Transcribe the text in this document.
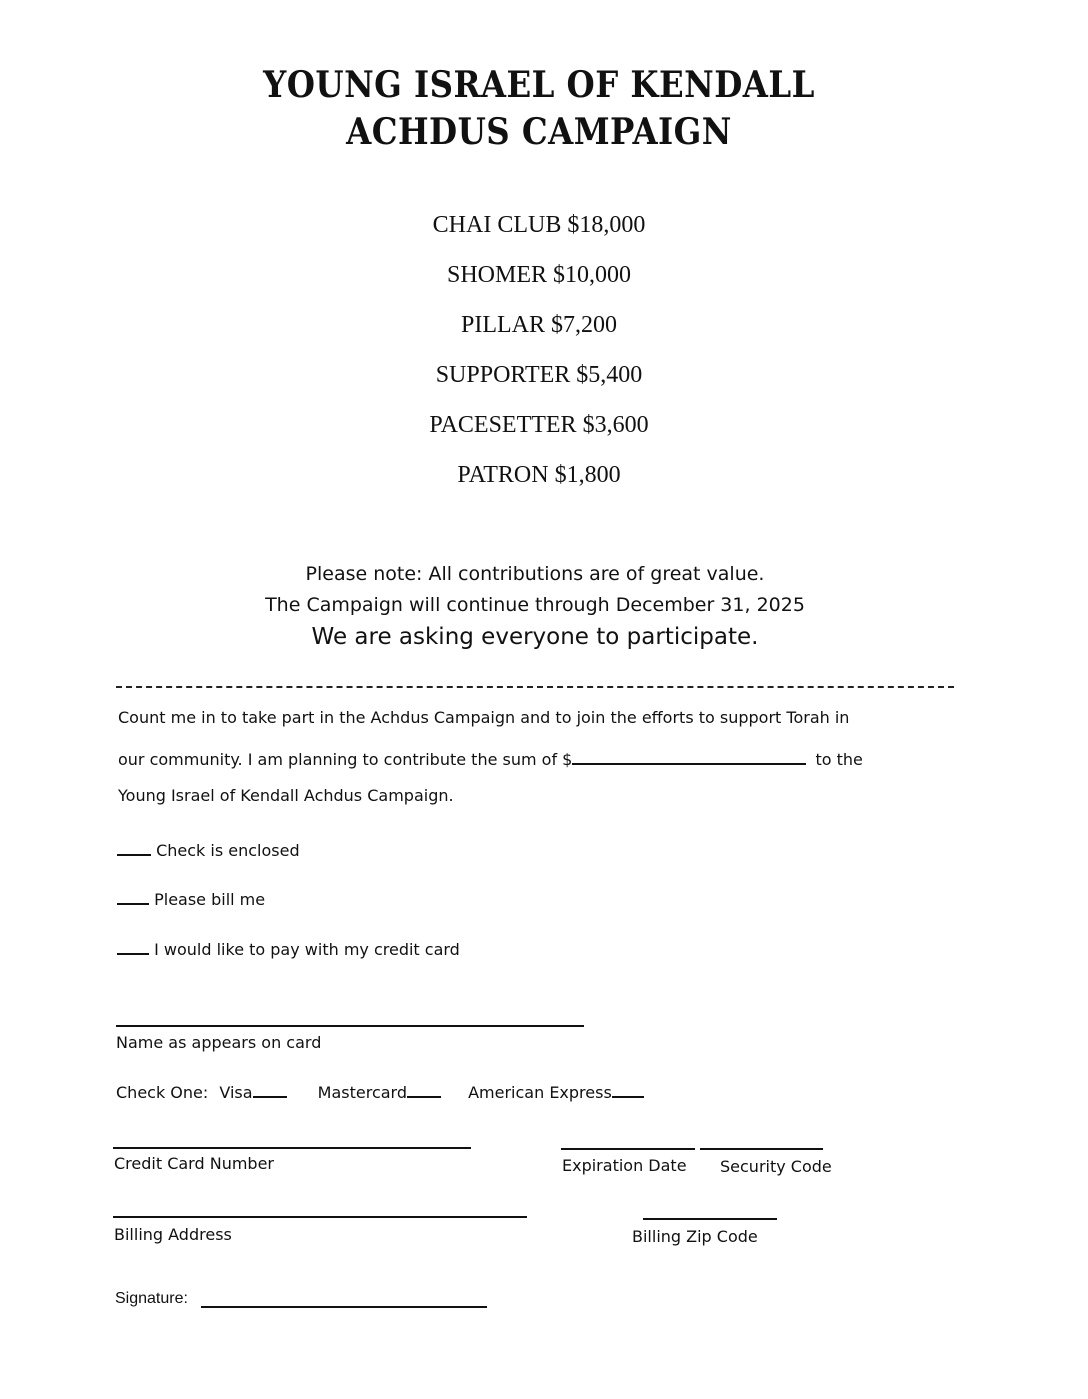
YOUNG ISRAEL OF KENDALL
ACHDUS CAMPAIGN
CHAI CLUB $18,000
SHOMER $10,000
PILLAR $7,200
SUPPORTER $5,400
PACESETTER $3,600
PATRON $1,800
Please note: All contributions are of great value.
The Campaign will continue through December 31, 2025
We are asking everyone to participate.
Count me in to take part in the Achdus Campaign and to join the efforts to support Torah in
our community. I am planning to contribute the sum of $	to the
Young Israel of Kendall Achdus Campaign.
Check is enclosed
Please bill me
I would like to pay with my credit card
Name as appears on card
Check One: Visa	Mastercard	American Express
Credit Card Number	Expiration Date Security Code
Billing Address	Billing Zip Code
Signature:
